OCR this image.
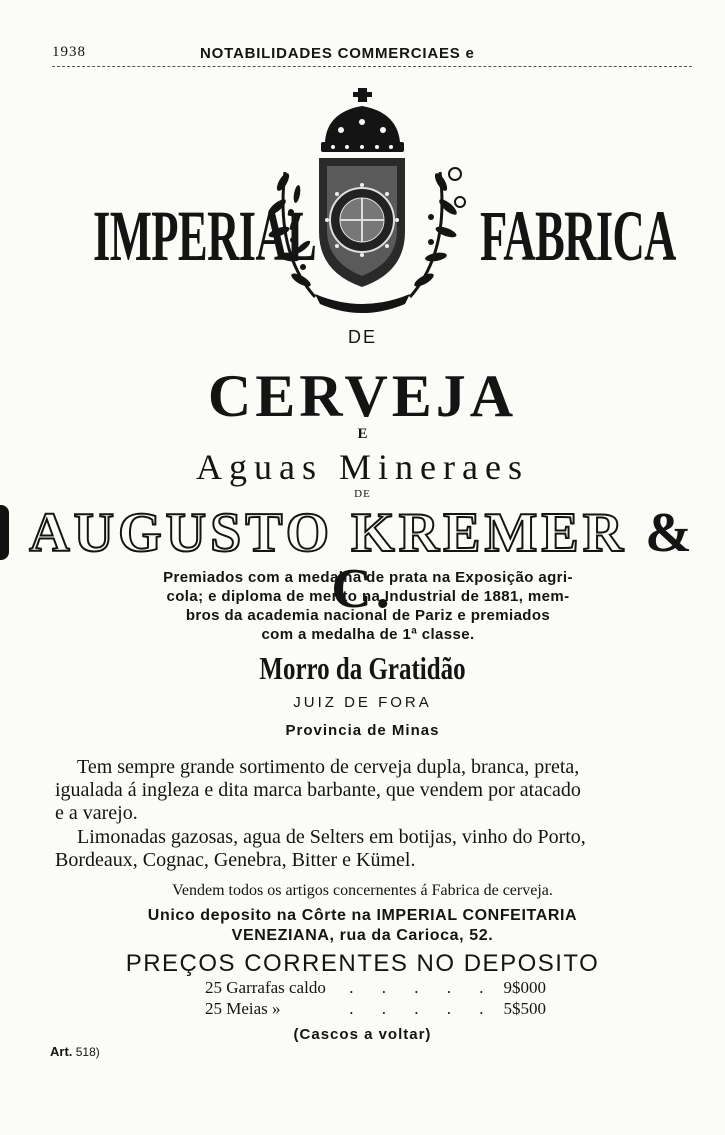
1938	NOTABILIDADES COMMERCIAES e
IMPERIAL FABRICA
DE
CERVEJA
E
Aguas Mineraes
DE
AUGUSTO KREMER & C.
Premiados com a medalha de prata na Exposição agri-
cola; e diploma de merito na Industrial de 1881, mem-
bros da academia nacional de Pariz e premiados
com a medalha de 1ª classe.
Morro da Gratidão
JUIZ DE FORA
Provincia de Minas
Tem sempre grande sortimento de cerveja dupla, branca, preta,
igualada á ingleza e dita marca barbante, que vendem por atacado
e a varejo.
Limonadas gazosas, agua de Selters em botijas, vinho do Porto,
Bordeaux, Cognac, Genebra, Bitter e Kümel.
Vendem todos os artigos concernentes á Fabrica de cerveja.
Unico deposito na Côrte na IMPERIAL CONFEITARIA
VENEZIANA, rua da Carioca, 52.
PREÇOS CORRENTES NO DEPOSITO
25 Garrafas caldo . . . . . 9$000
25 Meias »	. . . . . 5$500
(Cascos a voltar)
Art. 518)
